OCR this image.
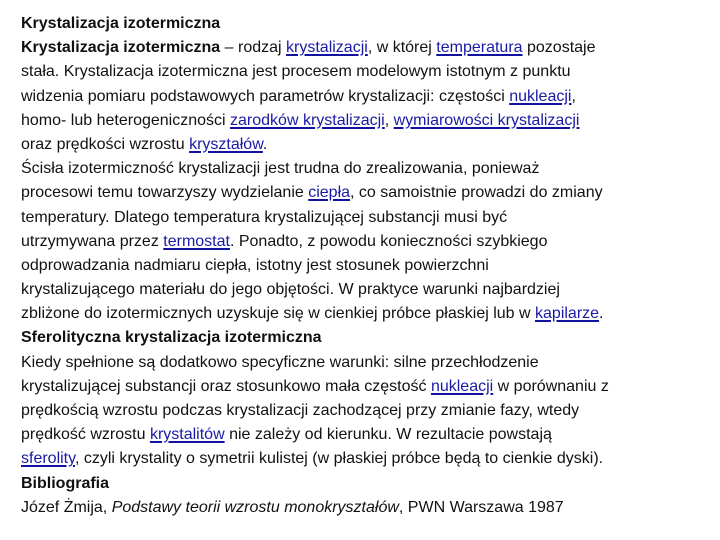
Krystalizacja izotermiczna
Krystalizacja izotermiczna – rodzaj krystalizacji, w której temperatura pozostaje
stała. Krystalizacja izotermiczna jest procesem modelowym istotnym z punktu
widzenia pomiaru podstawowych parametrów krystalizacji: częstości nukleacji,
homo- lub heterogeniczności zarodków krystalizacji, wymiarowości krystalizacji
oraz prędkości wzrostu kryształów.
Ścisła izotermiczność krystalizacji jest trudna do zrealizowania, ponieważ
procesowi temu towarzyszy wydzielanie ciepła, co samoistnie prowadzi do zmiany
temperatury. Dlatego temperatura krystalizującej substancji musi być
utrzymywana przez termostat. Ponadto, z powodu konieczności szybkiego
odprowadzania nadmiaru ciepła, istotny jest stosunek powierzchni
krystalizującego materiału do jego objętości. W praktyce warunki najbardziej
zbliżone do izotermicznych uzyskuje się w cienkiej próbce płaskiej lub w kapilarze.
Sferolityczna krystalizacja izotermiczna
Kiedy spełnione są dodatkowo specyficzne warunki: silne przechłodzenie
krystalizującej substancji oraz stosunkowo mała częstość nukleacji w porównaniu z
prędkością wzrostu podczas krystalizacji zachodzącej przy zmianie fazy, wtedy
prędkość wzrostu krystalitów nie zależy od kierunku. W rezultacie powstają
sferolity, czyli krystality o symetrii kulistej (w płaskiej próbce będą to cienkie dyski).
Bibliografia
Józef Żmija, Podstawy teorii wzrostu monokryształów, PWN Warszawa 1987
